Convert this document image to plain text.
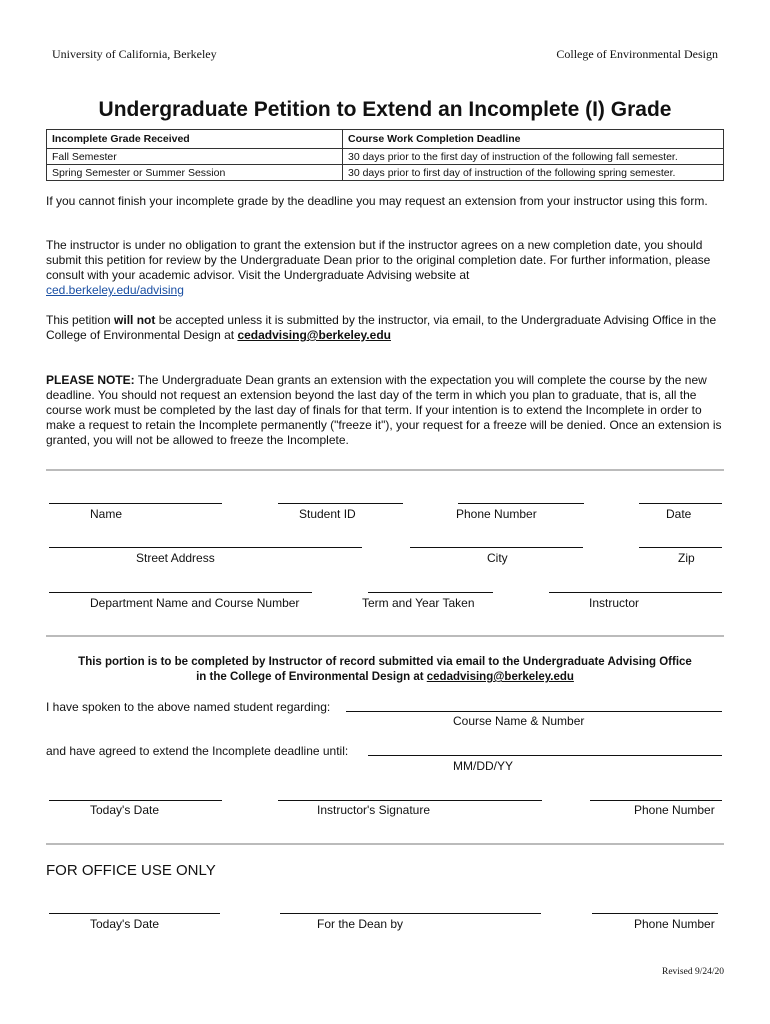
University of California, Berkeley	College of Environmental Design
Undergraduate Petition to Extend an Incomplete (I) Grade
Incomplete Grade Received	Course Work Completion Deadline
Fall Semester	30 days prior to the first day of instruction of the following fall semester.
Spring Semester or Summer Session	30 days prior to first day of instruction of the following spring semester.
If you cannot finish your incomplete grade by the deadline you may request an extension from your instructor using this form.
The instructor is under no obligation to grant the extension but if the instructor agrees on a new completion date, you should submit this petition for review by the Undergraduate Dean prior to the original completion date. For further information, please consult with your academic advisor. Visit the Undergraduate Advising website at
ced.berkeley.edu/advising
This petition will not be accepted unless it is submitted by the instructor, via email, to the Undergraduate Advising Office in the College of Environmental Design at cedadvising@berkeley.edu
PLEASE NOTE: The Undergraduate Dean grants an extension with the expectation you will complete the course by the new deadline. You should not request an extension beyond the last day of the term in which you plan to graduate, that is, all the course work must be completed by the last day of finals for that term. If your intention is to extend the Incomplete in order to make a request to retain the Incomplete permanently ("freeze it"), your request for a freeze will be denied. Once an extension is granted, you will not be allowed to freeze the Incomplete.
Name	Student ID	Phone Number	Date
Street Address	City	Zip
Department Name and Course Number	Term and Year Taken	Instructor
This portion is to be completed by Instructor of record submitted via email to the Undergraduate Advising Office
in the College of Environmental Design at cedadvising@berkeley.edu
I have spoken to the above named student regarding:
Course Name & Number
and have agreed to extend the Incomplete deadline until:
MM/DD/YY
Today's Date	Instructor's Signature	Phone Number
FOR OFFICE USE ONLY
Today's Date	For the Dean by	Phone Number
Revised 9/24/20
